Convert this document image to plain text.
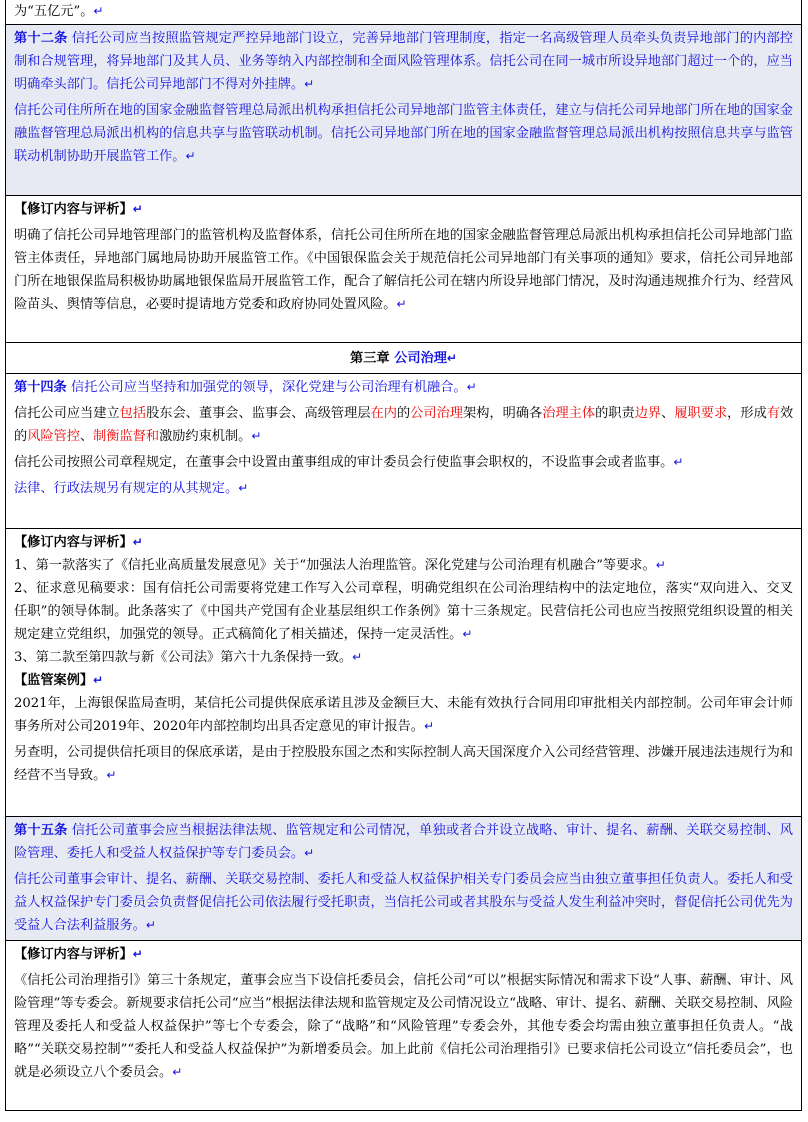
为“五亿元”。↵

第十二条 信托公司应当按照监管规定严控异地部门设立，完善异地部门管理制度，指定一名高级管理人员牵头负责异地部门的内部控制和合规管理，将异地部门及其人员、业务等纳入内部控制和全面风险管理体系。信托公司在同一城市所设异地部门超过一个的，应当明确牵头部门。信托公司异地部门不得对外挂牌。↵

信托公司住所所在地的国家金融监督管理总局派出机构承担信托公司异地部门监管主体责任，建立与信托公司异地部门所在地的国家金融监督管理总局派出机构的信息共享与监管联动机制。信托公司异地部门所在地的国家金融监督管理总局派出机构按照信息共享与监管联动机制协助开展监管工作。↵

【修订内容与评析】↵

明确了信托公司异地管理部门的监管机构及监督体系，信托公司住所所在地的国家金融监督管理总局派出机构承担信托公司异地部门监管主体责任，异地部门属地局协助开展监管工作。《中国银保监会关于规范信托公司异地部门有关事项的通知》要求，信托公司异地部门所在地银保监局积极协助属地银保监局开展监管工作，配合了解信托公司在辖内所设异地部门情况，及时沟通违规推介行为、经营风险苗头、舆情等信息，必要时提请地方党委和政府协同处置风险。↵

第三章 公司治理↵

第十四条 信托公司应当坚持和加强党的领导，深化党建与公司治理有机融合。↵

信托公司应当建立包括股东会、董事会、监事会、高级管理层在内的公司治理架构，明确各治理主体的职责边界、履职要求，形成有效的风险管控、制衡监督和激励约束机制。↵

信托公司按照公司章程规定，在董事会中设置由董事组成的审计委员会行使监事会职权的，不设监事会或者监事。↵

法律、行政法规另有规定的从其规定。↵

【修订内容与评析】↵

1、第一款落实了《信托业高质量发展意见》关于“加强法人治理监管。深化党建与公司治理有机融合”等要求。↵

2、征求意见稿要求：国有信托公司需要将党建工作写入公司章程，明确党组织在公司治理结构中的法定地位，落实“双向进入、交叉任职”的领导体制。此条落实了《中国共产党国有企业基层组织工作条例》第十三条规定。民营信托公司也应当按照党组织设置的相关规定建立党组织，加强党的领导。正式稿简化了相关描述，保持一定灵活性。↵

3、第二款至第四款与新《公司法》第六十九条保持一致。↵

【监管案例】↵

2021年，上海银保监局查明，某信托公司提供保底承诺且涉及金额巨大、未能有效执行合同用印审批相关内部控制。公司年审会计师事务所对公司2019年、2020年内部控制均出具否定意见的审计报告。↵

另查明，公司提供信托项目的保底承诺，是由于控股股东国之杰和实际控制人高天国深度介入公司经营管理、涉嫌开展违法违规行为和经营不当导致。↵

第十五条 信托公司董事会应当根据法律法规、监管规定和公司情况，单独或者合并设立战略、审计、提名、薪酬、关联交易控制、风险管理、委托人和受益人权益保护等专门委员会。↵

信托公司董事会审计、提名、薪酬、关联交易控制、委托人和受益人权益保护相关专门委员会应当由独立董事担任负责人。委托人和受益人权益保护专门委员会负责督促信托公司依法履行受托职责，当信托公司或者其股东与受益人发生利益冲突时，督促信托公司优先为受益人合法利益服务。↵

【修订内容与评析】↵

《信托公司治理指引》第三十条规定，董事会应当下设信托委员会，信托公司“可以”根据实际情况和需求下设“人事、薪酬、审计、风险管理”等专委会。新规要求信托公司“应当”根据法律法规和监管规定及公司情况设立“战略、审计、提名、薪酬、关联交易控制、风险管理及委托人和受益人权益保护”等七个专委会，除了“战略”和“风险管理”专委会外，其他专委会均需由独立董事担任负责人。“战略”“关联交易控制”“委托人和受益人权益保护”为新增委员会。加上此前《信托公司治理指引》已要求信托公司设立“信托委员会”，也就是必须设立八个委员会。↵
